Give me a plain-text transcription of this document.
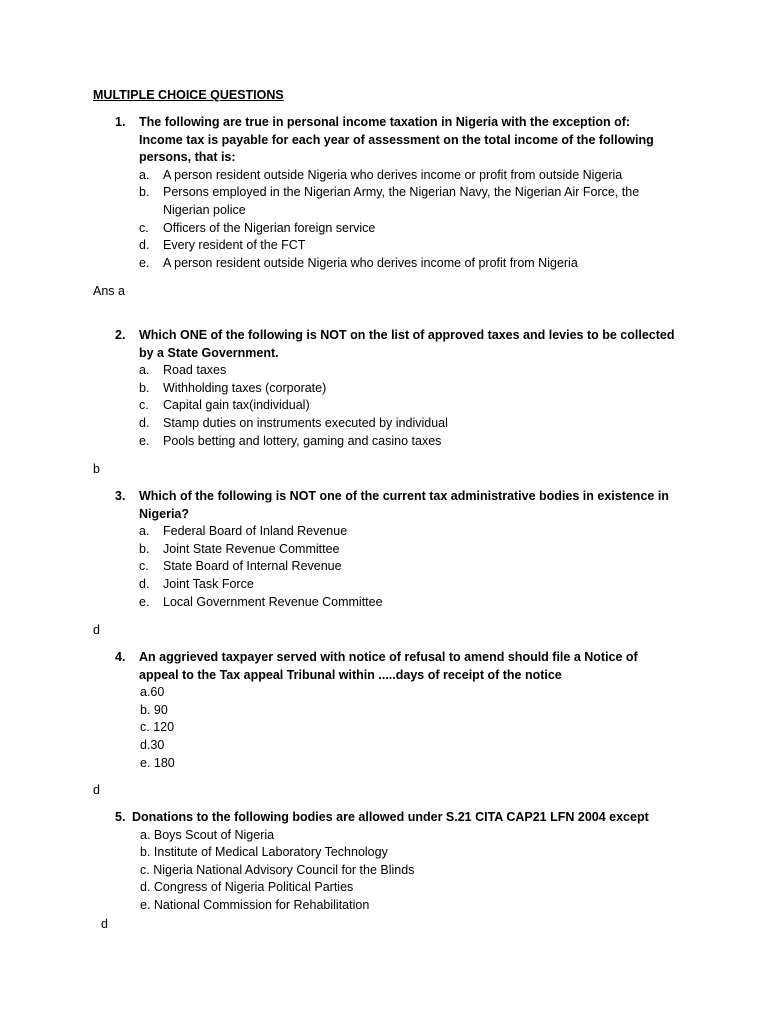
MULTIPLE CHOICE QUESTIONS
1.	The following are true in personal income taxation in Nigeria with the exception of: Income tax is payable for each year of assessment on the total income of the following persons, that is:
a. A person resident outside Nigeria who derives income or profit from outside Nigeria
b. Persons employed in the Nigerian Army, the Nigerian Navy, the Nigerian Air Force, the Nigerian police
c. Officers of the Nigerian foreign service
d. Every resident of the FCT
e. A person resident outside Nigeria who derives income of profit from Nigeria
Ans a
2.	Which ONE of the following is NOT on the list of approved taxes and levies to be collected by a State Government.
a. Road taxes
b. Withholding taxes (corporate)
c. Capital gain tax(individual)
d. Stamp duties on instruments executed by individual
e. Pools betting and lottery, gaming and casino taxes
b
3.	Which of the following is NOT one of the current tax administrative bodies in existence in Nigeria?
a. Federal Board of Inland Revenue
b. Joint State Revenue Committee
c. State Board of Internal Revenue
d. Joint Task Force
e. Local Government Revenue Committee
d
4.	An aggrieved taxpayer served with notice of refusal to amend should file a Notice of appeal to the Tax appeal Tribunal within .....days of receipt of the notice
a.60
b. 90
c. 120
d.30
e. 180
d
5. Donations to the following bodies are allowed under S.21 CITA CAP21 LFN 2004 except
a. Boys Scout of Nigeria
b. Institute of Medical Laboratory Technology
c. Nigeria National Advisory Council for the Blinds
d. Congress of Nigeria Political Parties
e. National Commission for Rehabilitation
d
